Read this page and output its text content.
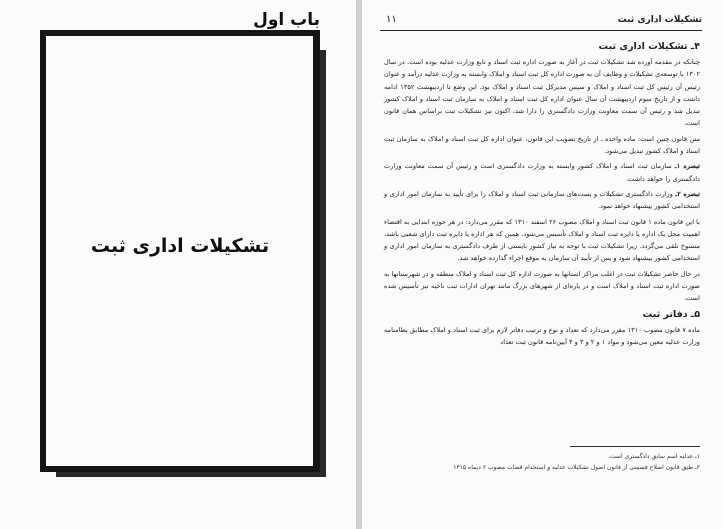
باب اول
تشکیلات اداری ثبت
تشکیلات اداری ثبت
۱۱
۴ـ تشکیلات اداری ثبت

چنانکه در مقدمه آورده شد تشکیلات ثبت در آغاز به صورت اداره ثبت اسناد و تابع وزارت عدلیه بوده است. در سال ۱۳۰۲ با توسعه‌ی تشکیلات و وظایف آن به صورت اداره کل ثبت اسناد و املاک وابسته به وزارت عدلیه درآمد و عنوان رئیس آن رئیس کل ثبت اسناد و املاک و سپس مدیرکل ثبت اسناد و املاک بود. این وضع تا اردیبهشت ۱۳۵۲ ادامه داشت و از تاریخ سوم اردیبهشت آن سال عنوان اداره کل ثبت اسناد و املاک به سازمان ثبت اسناد و املاک کشور تبدیل شد و رئیس آن سمت معاونت وزارت دادگستری را دارا شد، اکنون نیز تشکیلات ثبت براساس همان قانون است.

متن قانون چنین است: ماده واحده ـ از تاریخ تصویب این قانون، عنوان اداره کل ثبت اسناد و املاک به سازمان ثبت اسناد و املاک کشور تبدیل می‌شود.

تبصره ۱ـ سازمان ثبت اسناد و املاک کشور وابسته به وزارت دادگستری است و رئیس آن سمت معاونت وزارت دادگستری را خواهد داشت.

تبصره ۲ـ وزارت دادگستری تشکیلات و پست‌های سازمانی ثبت اسناد و املاک را برای تأیید به سازمان امور اداری و استخدامی کشور پیشنهاد خواهد نمود.

با این قانون ماده ۱ قانون ثبت اسناد و املاک مصوب ۲۶ اسفند ۱۳۱۰ که مقرر می‌دارد: در هر حوزه ابتدایی به اقتضاء اهمیت محل یک اداره یا دایره ثبت اسناد و املاک تأسیس می‌شود. همین که هر اداره یا دایره ثبت دارای شعبی باشد، منسوخ تلقی می‌گردد. زیرا تشکیلات ثبت با توجه به نیاز کشور بایستی از طرف دادگستری به سازمان امور اداری و استخدامی کشور پیشنهاد شود و پس از تأیید آن سازمان به موقع اجراء گذارده خواهد شد.

در حال حاضر تشکیلات ثبت در اغلب مراکز استانها به صورت اداره کل ثبت اسناد و املاک منطقه و در شهرستانها به صورت اداره ثبت اسناد و املاک است و در پاره‌ای از شهرهای بزرگ مانند تهران ادارات ثبت ناحیه نیز تأسیس شده است.

۵ـ دفاتر ثبت

ماده ۷ قانون مصوب ۱۳۱۰ مقرر می‌دارد که تعداد و نوع و ترتیب دفاتر لازم برای ثبت اسناد و املاک مطابق نظامنامه وزارت عدلیه معین می‌شود و مواد ۱ و ۲ و ۳ و ۴ آیین‌نامه قانون ثبت تعداد

۱ـ عدلیه اسم سابق دادگستری است.
۲ـ طبق قانون اصلاح قسمتی از قانون اصول تشکیلات عدلیه و استخدام قضات مصوب ۶ دیماه ۱۳۱۵
